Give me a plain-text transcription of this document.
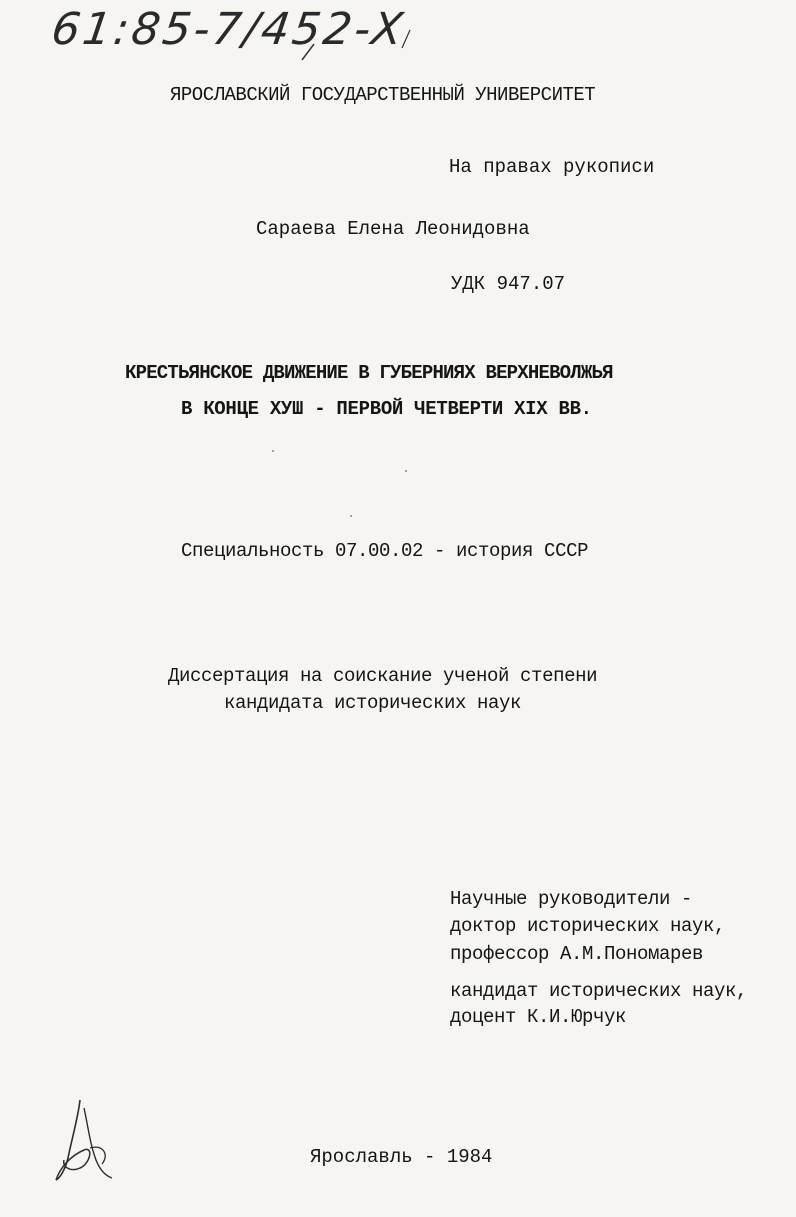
61:85-7/452-X
ЯРОСЛАВСКИЙ ГОСУДАРСТВЕННЫЙ УНИВЕРСИТЕТ
На правах рукописи
Сараева Елена Леонидовна
УДК 947.07
КРЕСТЬЯНСКОЕ ДВИЖЕНИЕ В ГУБЕРНИЯХ ВЕРХНЕВОЛЖЬЯ
В КОНЦЕ ХУШ - ПЕРВОЙ ЧЕТВЕРТИ XIX ВВ.
Специальность 07.00.02 - история СССР
Диссертация на соискание ученой степени
кандидата исторических наук
Научные руководители -
доктор исторических наук,
профессор А.М.Пономарев
кандидат исторических наук,
доцент К.И.Юрчук
Ярославль - 1984
